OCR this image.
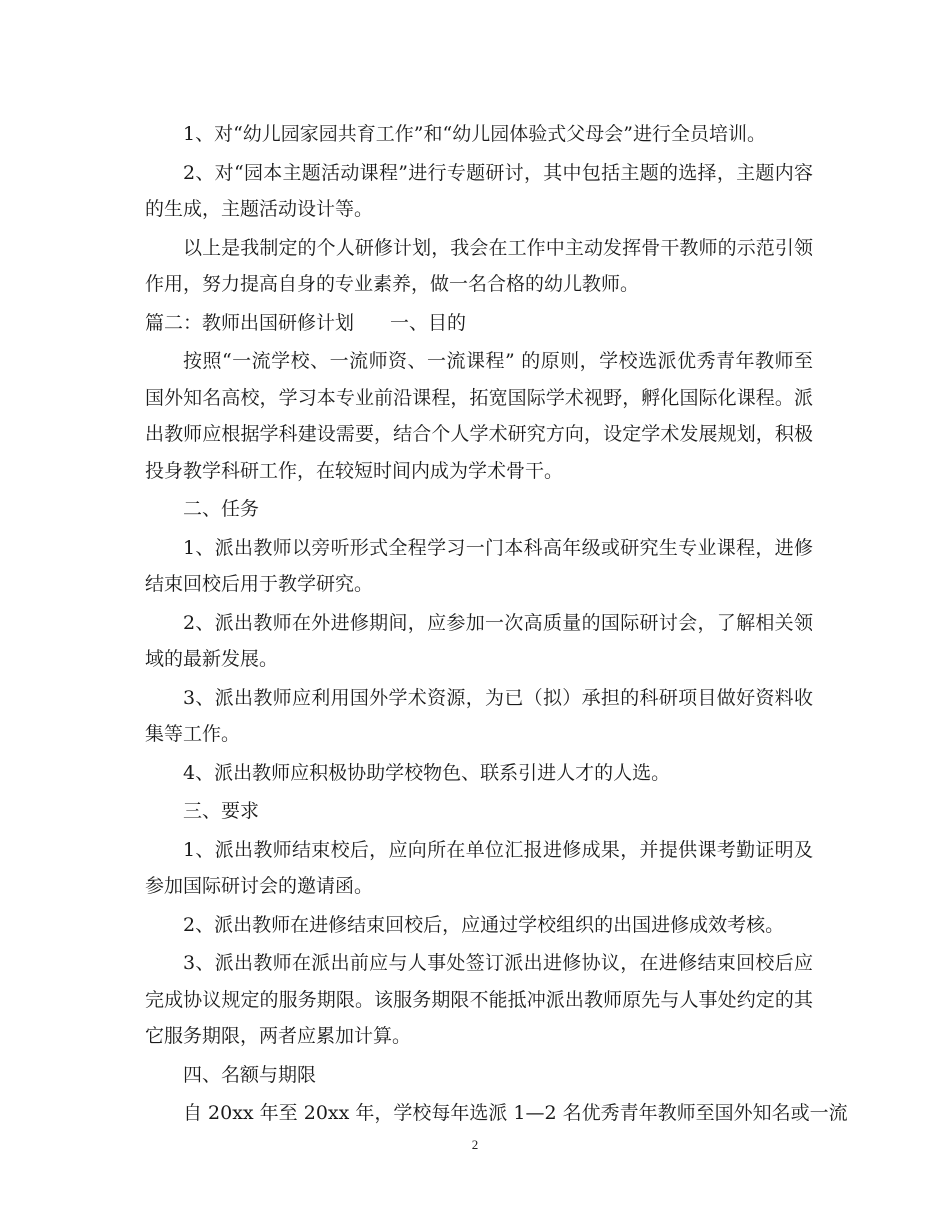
1、对“幼儿园家园共育工作”和“幼儿园体验式父母会”进行全员培训。

2、对“园本主题活动课程”进行专题研讨，其中包括主题的选择，主题内容的生成，主题活动设计等。

以上是我制定的个人研修计划，我会在工作中主动发挥骨干教师的示范引领作用，努力提高自身的专业素养，做一名合格的幼儿教师。

篇二：教师出国研修计划 一、目的

按照“一流学校、一流师资、一流课程” 的原则，学校选派优秀青年教师至国外知名高校，学习本专业前沿课程，拓宽国际学术视野，孵化国际化课程。派出教师应根据学科建设需要，结合个人学术研究方向，设定学术发展规划，积极投身教学科研工作，在较短时间内成为学术骨干。

二、任务

1、派出教师以旁听形式全程学习一门本科高年级或研究生专业课程，进修结束回校后用于教学研究。

2、派出教师在外进修期间，应参加一次高质量的国际研讨会，了解相关领域的最新发展。

3、派出教师应利用国外学术资源，为已（拟）承担的科研项目做好资料收集等工作。

4、派出教师应积极协助学校物色、联系引进人才的人选。

三、要求

1、派出教师结束校后，应向所在单位汇报进修成果，并提供课考勤证明及参加国际研讨会的邀请函。

2、派出教师在进修结束回校后，应通过学校组织的出国进修成效考核。

3、派出教师在派出前应与人事处签订派出进修协议，在进修结束回校后应完成协议规定的服务期限。该服务期限不能抵冲派出教师原先与人事处约定的其它服务期限，两者应累加计算。

四、名额与期限

自 20xx 年至 20xx 年，学校每年选派 1—2 名优秀青年教师至国外知名或一流

2
